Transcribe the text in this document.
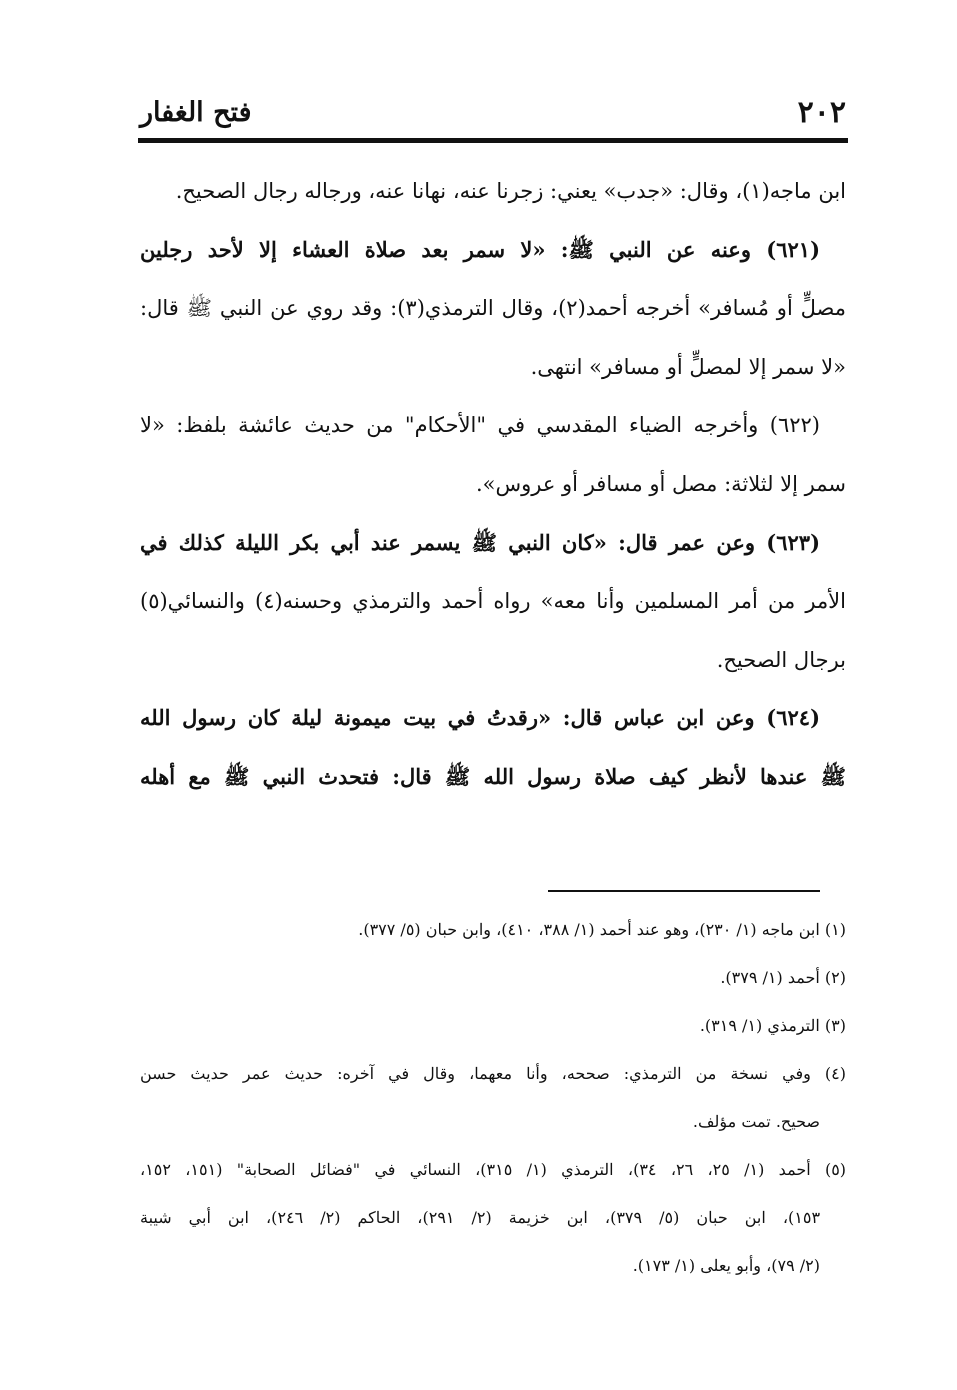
٢٠٢
فتح الغفار
ابن ماجه(١)، وقال: «جدب» يعني: زجرنا عنه، نهانا عنه، ورجاله رجال الصحيح.
(٦٢١) وعنه عن النبي ﷺ: «لا سمر بعد صلاة العشاء إلا لأحد رجلين
مصلٍّ أو مُسافر» أخرجه أحمد(٢)، وقال الترمذي(٣): وقد روي عن النبي ﷺ قال:
«لا سمر إلا لمصلٍّ أو مسافر» انتهى.
(٦٢٢) وأخرجه الضياء المقدسي في "الأحكام" من حديث عائشة بلفظ: «لا
سمر إلا لثلاثة: مصل أو مسافر أو عروس».
(٦٢٣) وعن عمر قال: «كان النبي ﷺ يسمر عند أبي بكر الليلة كذلك في
الأمر من أمر المسلمين وأنا معه» رواه أحمد والترمذي وحسنه(٤) والنسائي(٥)
برجال الصحيح.
(٦٢٤) وعن ابن عباس قال: «رقدتُ في بيت ميمونة ليلة كان رسول الله
ﷺ عندها لأنظر كيف صلاة رسول الله ﷺ قال: فتحدث النبي ﷺ مع أهله
(١) ابن ماجه (١/ ٢٣٠)، وهو عند أحمد (١/ ٣٨٨، ٤١٠)، وابن حبان (٥/ ٣٧٧).
(٢) أحمد (١/ ٣٧٩).
(٣) الترمذي (١/ ٣١٩).
(٤) وفي نسخة من الترمذي: صححه، وأنا معهما، وقال في آخره: حديث عمر حديث حسن
صحيح. تمت مؤلف.
(٥) أحمد (١/ ٢٥، ٢٦، ٣٤)، الترمذي (١/ ٣١٥)، النسائي في "فضائل الصحابة" (١٥١، ١٥٢،
١٥٣)، ابن حبان (٥/ ٣٧٩)، ابن خزيمة (٢/ ٢٩١)، الحاكم (٢/ ٢٤٦)، ابن أبي شيبة
(٢/ ٧٩)، وأبو يعلى (١/ ١٧٣).
